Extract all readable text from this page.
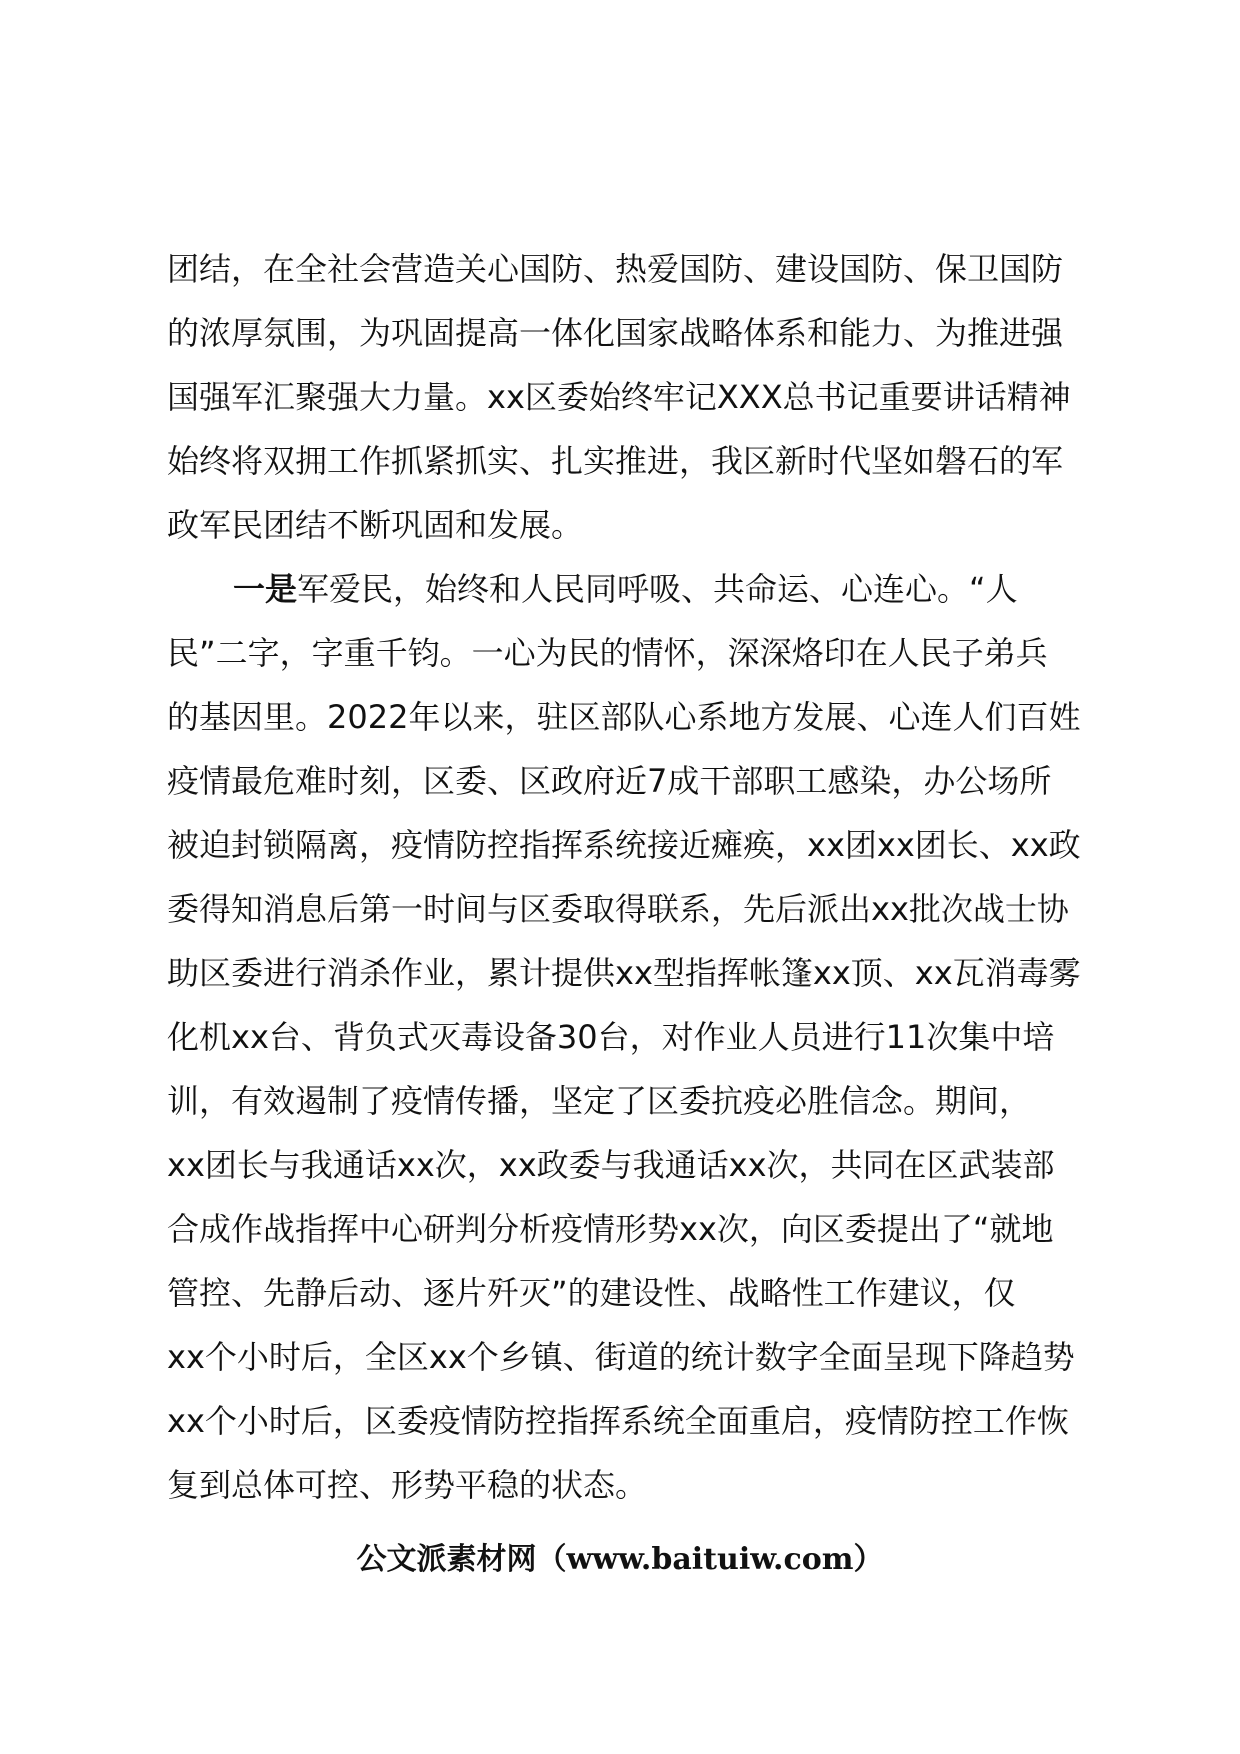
团结，在全社会营造关心国防、热爱国防、建设国防、保卫国防
的浓厚氛围，为巩固提高一体化国家战略体系和能力、为推进强
国强军汇聚强大力量。xx区委始终牢记XXX总书记重要讲话精神
始终将双拥工作抓紧抓实、扎实推进，我区新时代坚如磐石的军
政军民团结不断巩固和发展。
一是军爱民，始终和人民同呼吸、共命运、心连心。“人
民”二字，字重千钧。一心为民的情怀，深深烙印在人民子弟兵
的基因里。2022年以来，驻区部队心系地方发展、心连人们百姓
疫情最危难时刻，区委、区政府近7成干部职工感染，办公场所
被迫封锁隔离，疫情防控指挥系统接近瘫痪，xx团xx团长、xx政
委得知消息后第一时间与区委取得联系，先后派出xx批次战士协
助区委进行消杀作业，累计提供xx型指挥帐篷xx顶、xx瓦消毒雾
化机xx台、背负式灭毒设备30台，对作业人员进行11次集中培
训，有效遏制了疫情传播，坚定了区委抗疫必胜信念。期间，
xx团长与我通话xx次，xx政委与我通话xx次，共同在区武装部
合成作战指挥中心研判分析疫情形势xx次，向区委提出了“就地
管控、先静后动、逐片歼灭”的建设性、战略性工作建议，仅
xx个小时后，全区xx个乡镇、街道的统计数字全面呈现下降趋势
xx个小时后，区委疫情防控指挥系统全面重启，疫情防控工作恢
复到总体可控、形势平稳的状态。
公文派素材网（www.baituiw.com）
